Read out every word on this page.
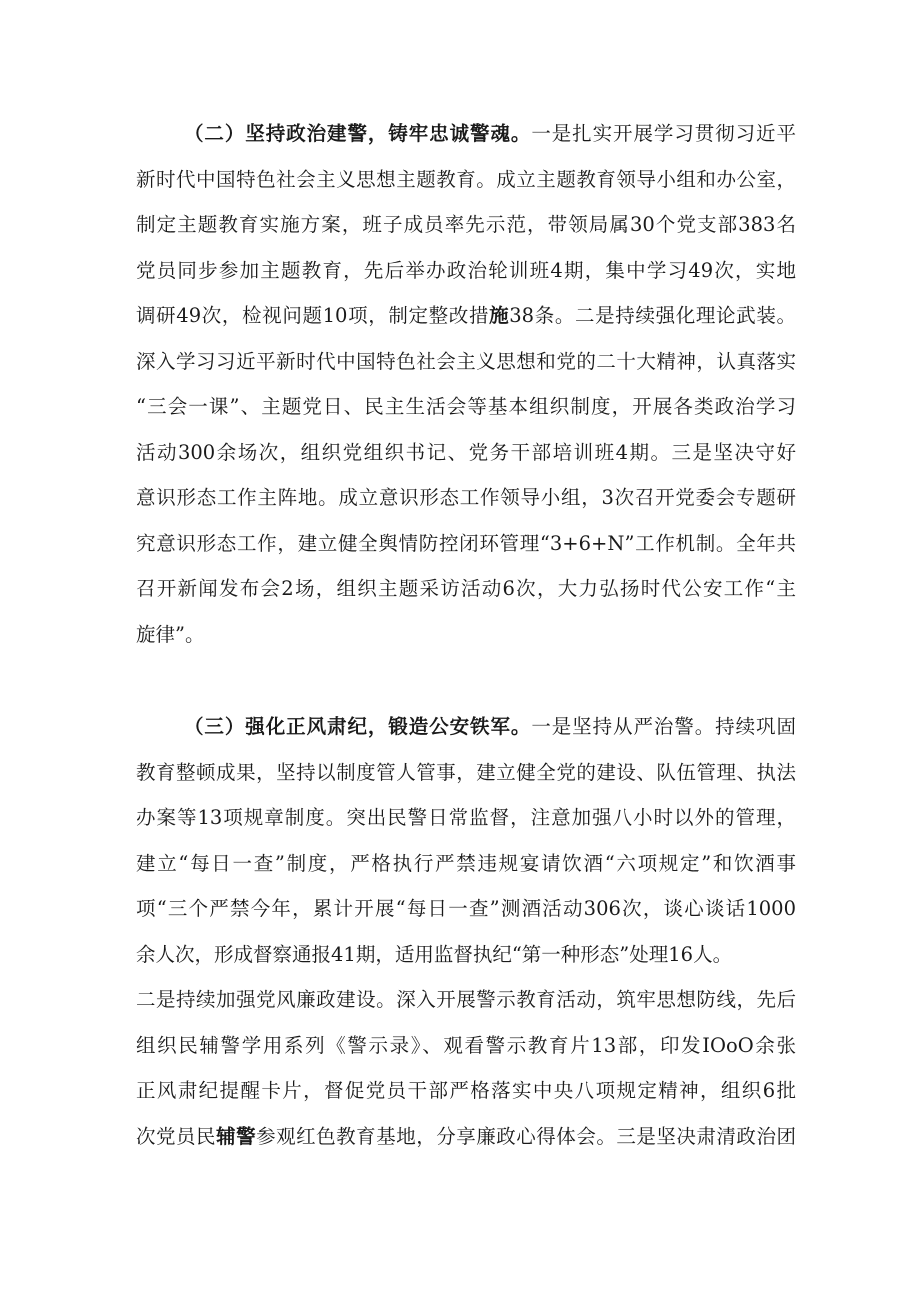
（二）坚持政治建警，铸牢忠诚警魂。一是扎实开展学习贯彻习近平
新时代中国特色社会主义思想主题教育。成立主题教育领导小组和办公室，
制定主题教育实施方案，班子成员率先示范，带领局属30个党支部383名
党员同步参加主题教育，先后举办政治轮训班4期，集中学习49次，实地
调研49次，检视问题10项，制定整改措施38条。二是持续强化理论武装。
深入学习习近平新时代中国特色社会主义思想和党的二十大精神，认真落实
“三会一课”、主题党日、民主生活会等基本组织制度，开展各类政治学习
活动300余场次，组织党组织书记、党务干部培训班4期。三是坚决守好
意识形态工作主阵地。成立意识形态工作领导小组，3次召开党委会专题研
究意识形态工作，建立健全舆情防控闭环管理“3+6+N”工作机制。全年共
召开新闻发布会2场，组织主题采访活动6次，大力弘扬时代公安工作“主
旋律”。
（三）强化正风肃纪，锻造公安铁军。一是坚持从严治警。持续巩固
教育整顿成果，坚持以制度管人管事，建立健全党的建设、队伍管理、执法
办案等13项规章制度。突出民警日常监督，注意加强八小时以外的管理，
建立“每日一查”制度，严格执行严禁违规宴请饮酒“六项规定”和饮酒事
项“三个严禁今年，累计开展“每日一查”测酒活动306次，谈心谈话1000
余人次，形成督察通报41期，适用监督执纪“第一种形态”处理16人。
二是持续加强党风廉政建设。深入开展警示教育活动，筑牢思想防线，先后
组织民辅警学用系列《警示录》、观看警示教育片13部，印发IOoO余张
正风肃纪提醒卡片，督促党员干部严格落实中央八项规定精神，组织6批
次党员民辅警参观红色教育基地，分享廉政心得体会。三是坚决肃清政治团
